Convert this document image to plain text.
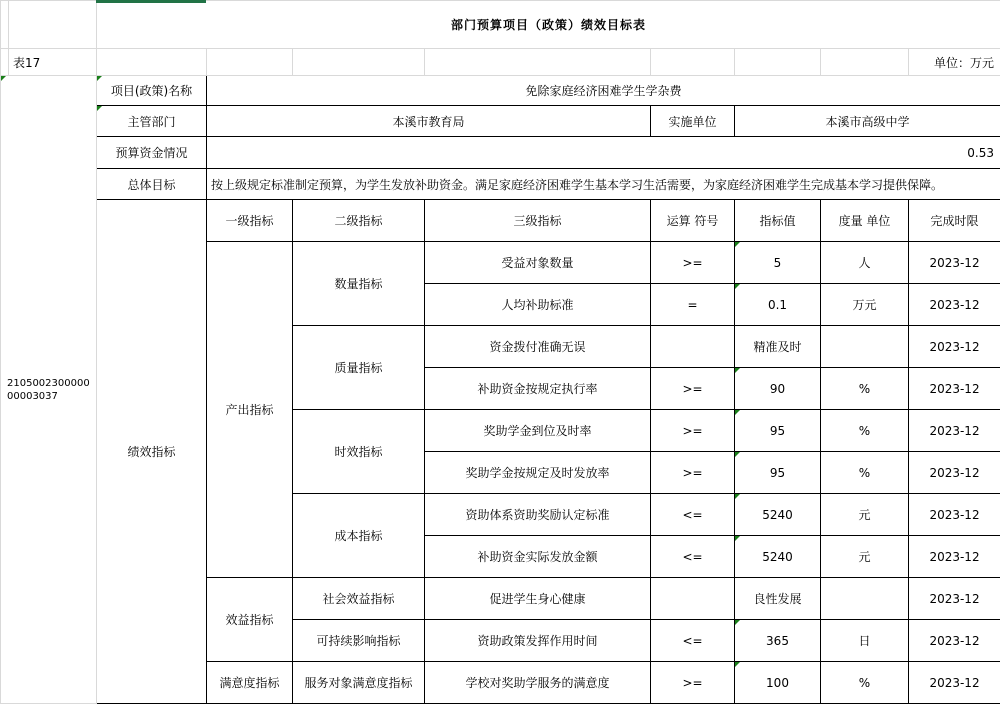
		部门预算项目（政策）绩效目标表							
	表17								单位：万元
210500230000000003037		项目(政策)名称	免除家庭经济困难学生学杂费						
		主管部门	本溪市教育局			实施单位	本溪市高级中学		
		预算资金情况	0.53						
		总体目标	按上级规定标准制定预算，为学生发放补助资金。满足家庭经济困难学生基本学习生活需要，为家庭经济困难学生完成基本学习提供保障。						
		绩效指标	一级指标	二级指标	三级指标	运算 符号	指标值	度量 单位	完成时限
			产出指标	数量指标	受益对象数量	>=	5	人	2023-12
					人均补助标准	=	0.1	万元	2023-12
				质量指标	资金拨付准确无误		精准及时		2023-12
					补助资金按规定执行率	>=	90	%	2023-12
				时效指标	奖助学金到位及时率	>=	95	%	2023-12
					奖助学金按规定及时发放率	>=	95	%	2023-12
				成本指标	资助体系资助奖励认定标准	<=	5240	元	2023-12
					补助资金实际发放金额	<=	5240	元	2023-12
			效益指标	社会效益指标	促进学生身心健康		良性发展		2023-12
				可持续影响指标	资助政策发挥作用时间	<=	365	日	2023-12
			满意度指标	服务对象满意度指标	学校对奖助学服务的满意度	>=	100	%	2023-12
